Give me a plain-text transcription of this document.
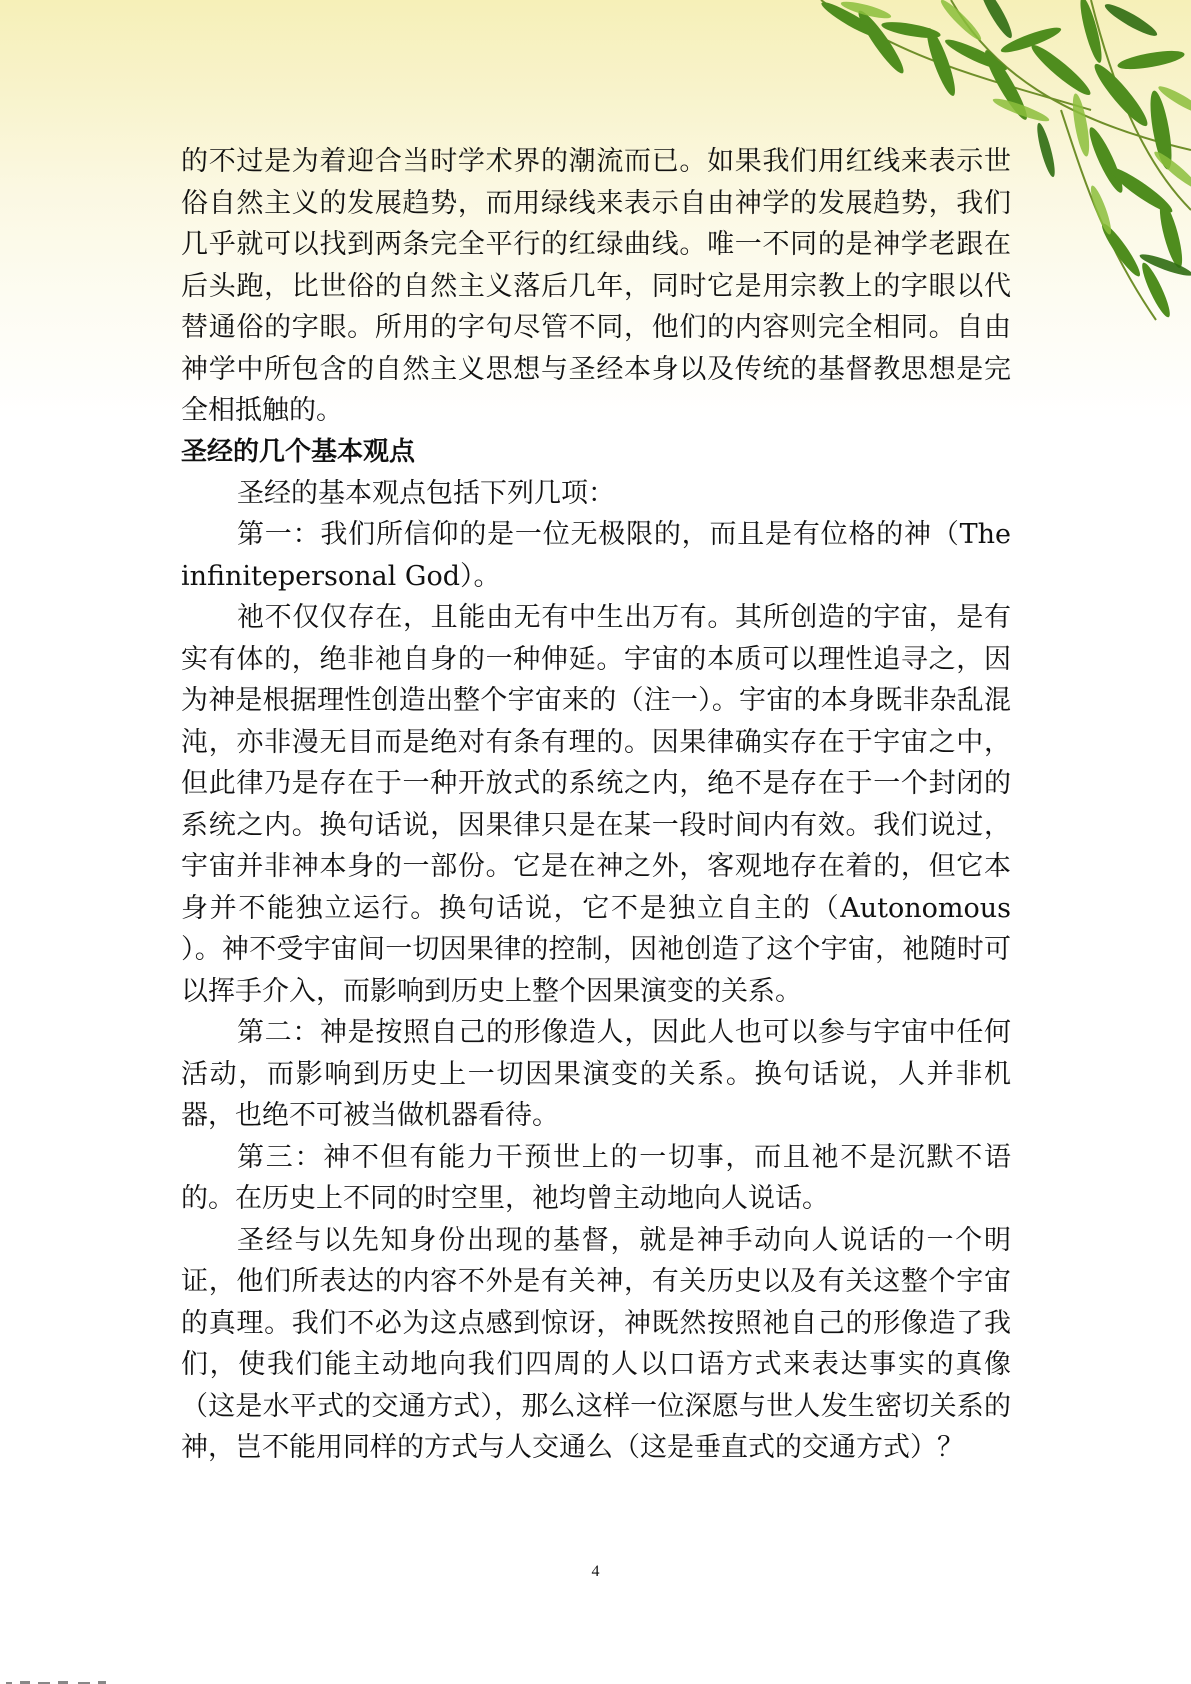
的不过是为着迎合当时学术界的潮流而已。如果我们用红线来表示世俗自然主义的发展趋势，而用绿线来表示自由神学的发展趋势，我们几乎就可以找到两条完全平行的红绿曲线。唯一不同的是神学老跟在后头跑，比世俗的自然主义落后几年，同时它是用宗教上的字眼以代替通俗的字眼。所用的字句尽管不同，他们的内容则完全相同。自由神学中所包含的自然主义思想与圣经本身以及传统的基督教思想是完全相抵触的。

圣经的几个基本观点

圣经的基本观点包括下列几项：

第一：我们所信仰的是一位无极限的，而且是有位格的神（The infinitepersonal God）。

祂不仅仅存在，且能由无有中生出万有。其所创造的宇宙，是有实有体的，绝非祂自身的一种伸延。宇宙的本质可以理性追寻之，因为神是根据理性创造出整个宇宙来的（注一）。宇宙的本身既非杂乱混沌，亦非漫无目而是绝对有条有理的。因果律确实存在于宇宙之中，但此律乃是存在于一种开放式的系统之内，绝不是存在于一个封闭的系统之内。换句话说，因果律只是在某一段时间内有效。我们说过，宇宙并非神本身的一部份。它是在神之外，客观地存在着的，但它本身并不能独立运行。换句话说，它不是独立自主的（Autonomous ）。神不受宇宙间一切因果律的控制，因祂创造了这个宇宙，祂随时可以挥手介入，而影响到历史上整个因果演变的关系。

第二：神是按照自己的形像造人，因此人也可以参与宇宙中任何活动，而影响到历史上一切因果演变的关系。换句话说，人并非机器，也绝不可被当做机器看待。

第三：神不但有能力干预世上的一切事，而且祂不是沉默不语的。在历史上不同的时空里，祂均曾主动地向人说话。

圣经与以先知身份出现的基督，就是神手动向人说话的一个明证，他们所表达的内容不外是有关神，有关历史以及有关这整个宇宙的真理。我们不必为这点感到惊讶，神既然按照祂自己的形像造了我们，使我们能主动地向我们四周的人以口语方式来表达事实的真像（这是水平式的交通方式），那么这样一位深愿与世人发生密切关系的神，岂不能用同样的方式与人交通么（这是垂直式的交通方式）？

4
